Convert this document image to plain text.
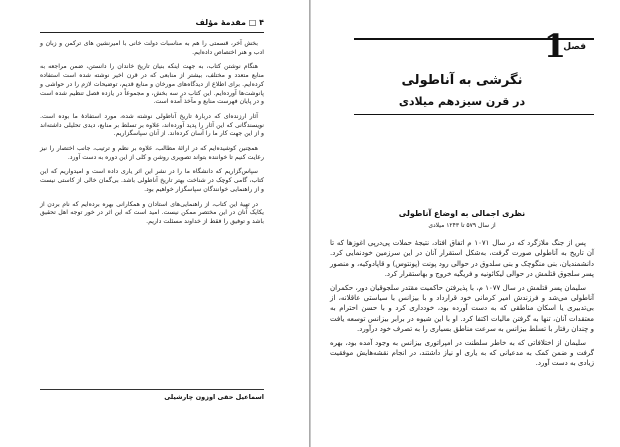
۴ □ مقدمهٔ مؤلف

بخش آخر، قسمتی را هم به مناسبات دولت خانی با امیرنشین های ترکمن و زبان و ادب و هنر اختصاص داده‌ایم.

هنگام نوشتن کتاب، به جهت اینکه بنیان تاریخ خاندان را دانستن، ضمن مراجعه به منابع متعدد و مختلف، بیشتر از منابعی که در قرن اخیر نوشته شده است استفاده کرده‌ایم. برای اطلاع از دیدگاه‌های مورخان و منابع قدیم، توضیحات لازم را در حواشی و پانوشت‌ها آورده‌ایم. این کتاب در سه بخش، و مجموعاً در یازده فصل تنظیم شده است و در پایان فهرست منابع و مآخذ آمده است.

آثار ارزنده‌ای که دربارهٔ تاریخ آناطولی نوشته شده، مورد استفادهٔ ما بوده است. نویسندگانی که این آثار را پدید آورده‌اند، علاوه بر تسلط بر منابع، دیدی تحلیلی داشته‌اند و از این جهت کار ما را آسان کرده‌اند. از آنان سپاسگزاریم.

همچنین کوشیده‌ایم که در ارائهٔ مطالب، علاوه بر نظم و ترتیب، جانب اختصار را نیز رعایت کنیم تا خواننده بتواند تصویری روشن و کلی از این دوره به دست آورد.

سپاس‌گزاریم که دانشگاه ما را در نشر این اثر یاری داده است و امیدواریم که این کتاب، گامی کوچک در شناخت بهتر تاریخ آناطولی باشد. بی‌گمان خالی از کاستی نیست و از راهنمایی خوانندگان سپاسگزار خواهیم بود.

در تهیهٔ این کتاب، از راهنمایی‌های استادان و همکارانی بهره برده‌ایم که نام بردن از یکایک آنان در این مختصر ممکن نیست. امید است که این اثر در خور توجه اهل تحقیق باشد و توفیق را فقط از خداوند مسئلت داریم.

اسماعیل حقی اوزون چارشیلی
فصل
1
نگرشی به آناطولی
در قرن سیزدهم میلادی
نظری اجمالی به اوضاع آناطولی
از سال ۵۷۹ تا ۱۲۴۳ میلادی

پس از جنگ ملازگرد که در سال ۱۰۷۱ م اتفاق افتاد، نتیجهٔ حملات پی‌درپی اغوزها که تا آن تاریخ به آناطولی صورت گرفت، به‌شکل استقرار آنان در این سرزمین خودنمایی کرد. دانشمندیان، بنی منگوچک و بنی سلدوق در حوالی رود پونت (پونتوس) و قاپادوکیه، و منصور پسر سلجوق قتلمش در حوالی لیکائونیه و فریگیه خروج و بهاستقرار کرد.

سلیمان پسر قتلمش در سال ۱۰۷۷ م، با پذیرفتن حاکمیت مقتدر سلجوقیان دور، حکمران آناطولی می‌شد و فرزندش امیر کرمانی خود قرارداد و با بیزانس با سیاستی عاقلانه، از بی‌تدبیری یا اسکان مناطقی که به دست آورده بود، خودداری کرد و با حسن احترام به معتقدات آنان، تنها به گرفتن مالیات اکتفا کرد. او با این شیوه در برابر بیزانس توسعه یافت و چندان رفتار با تسلط بیزانس به سرعت مناطق بسیاری را به تصرف خود درآورد.

سلیمان از اختلافاتی که به خاطر سلطنت در امپراتوری بیزانس به وجود آمده بود، بهره گرفت و ضمن کمک به مدعیانی که به یاری او نیاز داشتند، در انجام نقشه‌هایش موفقیت زیادی به دست آورد.
